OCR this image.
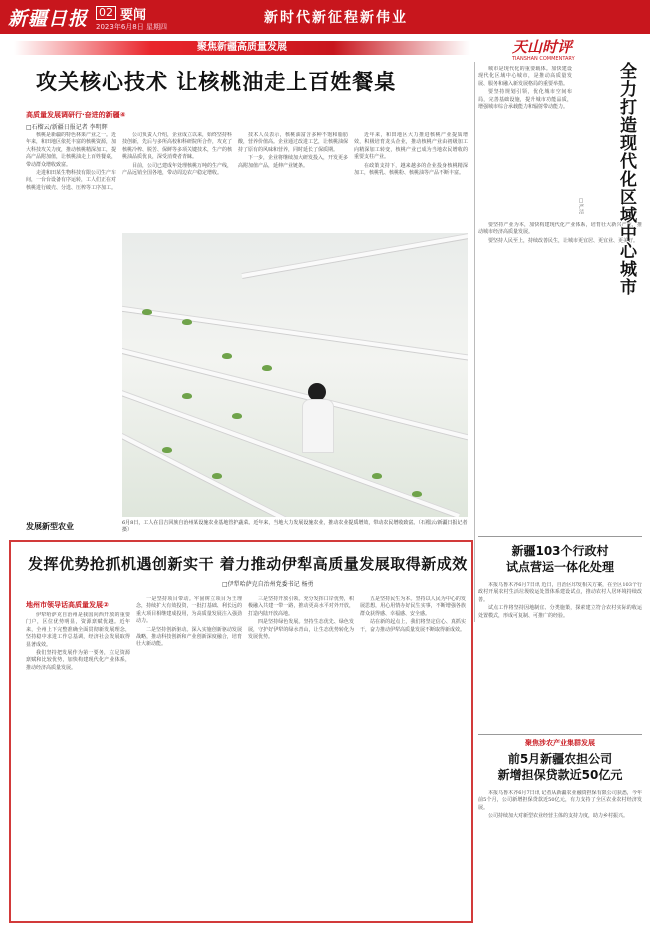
新疆日报 02 要闻
2023年6月8日 星期四
新时代新征程新伟业
聚焦新疆高质量发展	天山时评
TIANSHAN COMMENTARY
攻关核心技术 让核桃油走上百姓餐桌
高质量发展调研行·奋进的新疆④
□石榴云/新疆日报记者 李明辉

核桃是新疆的特色林果产业之一。近年来，和田地区依托丰富的核桃资源，加大科技攻关力度，推动核桃精深加工，提高产品附加值，让核桃油走上百姓餐桌，带动群众增收致富。

走进和田某生物科技有限公司生产车间，一台台设备有序运转，工人们正在对核桃进行破壳、分选、压榨等工序加工。

公司负责人介绍，企业成立以来，始终坚持科技创新，先后与多所高校和科研院所合作，攻克了核桃冷榨、脱苦、保鲜等多项关键技术，生产的核桃油品质优良，深受消费者青睐。

目前，公司已建成年处理核桃万吨的生产线，产品远销全国各地，带动周边农户稳定增收。

技术人员表示，核桃油富含多种不饱和脂肪酸，营养价值高。企业通过改进工艺，让核桃油保持了原有的风味和营养，同时延长了保质期。

下一步，企业将继续加大研发投入，开发更多高附加值产品，延伸产业链条。

近年来，和田地区大力推进核桃产业提质增效，积极培育龙头企业，推动核桃产业由初级加工向精深加工转变，核桃产业已成为当地农民增收的重要支柱产业。

在政策支持下，越来越多的企业投身核桃精深加工，核桃乳、核桃粉、核桃油等产品不断丰富。

发展新型农业	6月8日，工人在昌吉回族自治州某设施农业基地管护蔬菜。近年来，当地大力发展设施农业，推动农业提质增效，带动农民增收致富。（石榴云/新疆日报记者 摄）
全力打造现代化区域中心城市
□严洁

城市是现代化的重要载体。加快建设现代化区域中心城市，是推动高质量发展、服务和融入新发展格局的重要举措。

要坚持规划引领，优化城市空间布局，完善基础设施，提升城市功能品质，增强城市综合承载能力和辐射带动能力。

要坚持产业为本，加快构建现代化产业体系，培育壮大新兴产业，推动城市经济高质量发展。

要坚持人民至上，持续改善民生，让城市更宜居、更宜业、更美好。

新疆103个行政村
试点营运一体化处理

本报乌鲁木齐6月7日讯 近日，自治区印发相关方案，在全区103个行政村开展农村生活垃圾收运处置体系建设试点，推动农村人居环境持续改善。

试点工作将坚持因地制宜、分类施策，探索建立符合农村实际的收运处置模式，形成可复制、可推广的经验。

聚焦涉农产业集群发展
前5月新疆农担公司
新增担保贷款近50亿元

本报乌鲁木齐6月7日讯 记者从新疆农业融资担保有限公司获悉，今年前5个月，公司新增担保贷款近50亿元，有力支持了全区农业农村经济发展。

公司持续加大对新型农业经营主体的支持力度，助力乡村振兴。

发挥优势抢抓机遇创新实干 着力推动伊犁高质量发展取得新成效
□伊犁哈萨克自治州党委书记 杨勇
地州市领导话高质量发展②

伊犁哈萨克自治州是我国向西开放的重要门户，区位优势明显，资源禀赋优越。近年来，全州上下完整准确全面贯彻新发展理念，坚持稳中求进工作总基调，经济社会发展取得显著成效。

我们坚持把发展作为第一要务，立足资源禀赋和比较优势，加快构建现代化产业体系，推动经济高质量发展。

一是坚持项目带动。牢固树立项目为王理念，持续扩大有效投资，一批打基础、利长远的重大项目相继建成投用，为高质量发展注入强劲动力。

二是坚持创新驱动。深入实施创新驱动发展战略，推动科技创新和产业创新深度融合，培育壮大新动能。

三是坚持开放引领。充分发挥口岸优势，积极融入共建一带一路，推动更高水平对外开放，打造内陆开放高地。

四是坚持绿色发展。坚持生态优先、绿色发展，守护好伊犁的绿水青山，让生态优势转化为发展优势。

五是坚持民生为本。坚持以人民为中心的发展思想，用心用情办好民生实事，不断增强各族群众获得感、幸福感、安全感。

站在新的起点上，我们将坚定信心、真抓实干，奋力推动伊犁高质量发展不断取得新成效。
